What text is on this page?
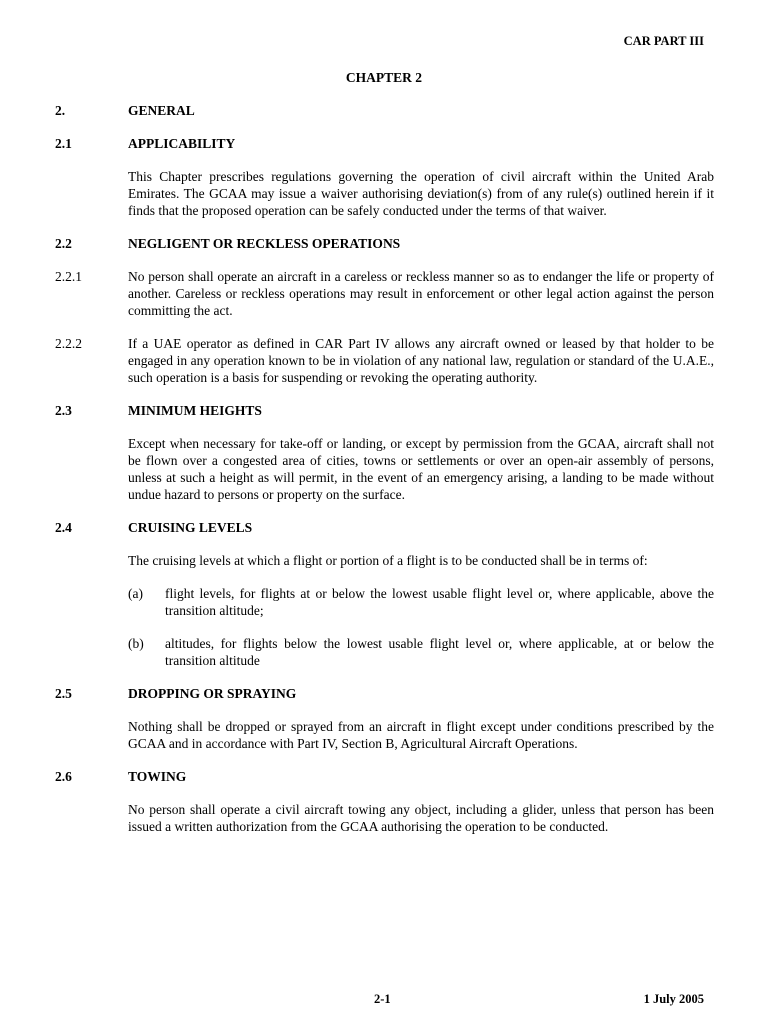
CAR PART III
CHAPTER 2
2.	GENERAL
2.1	APPLICABILITY

This Chapter prescribes regulations governing the operation of civil aircraft within the United Arab Emirates. The GCAA may issue a waiver authorising deviation(s) from of any rule(s) outlined herein if it finds that the proposed operation can be safely conducted under the terms of that waiver.

2.2	NEGLIGENT OR RECKLESS OPERATIONS
2.2.1	No person shall operate an aircraft in a careless or reckless manner so as to endanger the life or property of another. Careless or reckless operations may result in enforcement or other legal action against the person committing the act.
2.2.2	If a UAE operator as defined in CAR Part IV allows any aircraft owned or leased by that holder to be engaged in any operation known to be in violation of any national law, regulation or standard of the U.A.E., such operation is a basis for suspending or revoking the operating authority.
2.3	MINIMUM HEIGHTS

Except when necessary for take-off or landing, or except by permission from the GCAA, aircraft shall not be flown over a congested area of cities, towns or settlements or over an open-air assembly of persons, unless at such a height as will permit, in the event of an emergency arising, a landing to be made without undue hazard to persons or property on the surface.

2.4	CRUISING LEVELS

The cruising levels at which a flight or portion of a flight is to be conducted shall be in terms of:

(a)	flight levels, for flights at or below the lowest usable flight level or, where applicable, above the transition altitude;
(b)	altitudes, for flights below the lowest usable flight level or, where applicable, at or below the transition altitude
2.5	DROPPING OR SPRAYING

Nothing shall be dropped or sprayed from an aircraft in flight except under conditions prescribed by the GCAA and in accordance with Part IV, Section B, Agricultural Aircraft Operations.

2.6	TOWING

No person shall operate a civil aircraft towing any object, including a glider, unless that person has been issued a written authorization from the GCAA authorising the operation to be conducted.

2-1	1 July 2005
